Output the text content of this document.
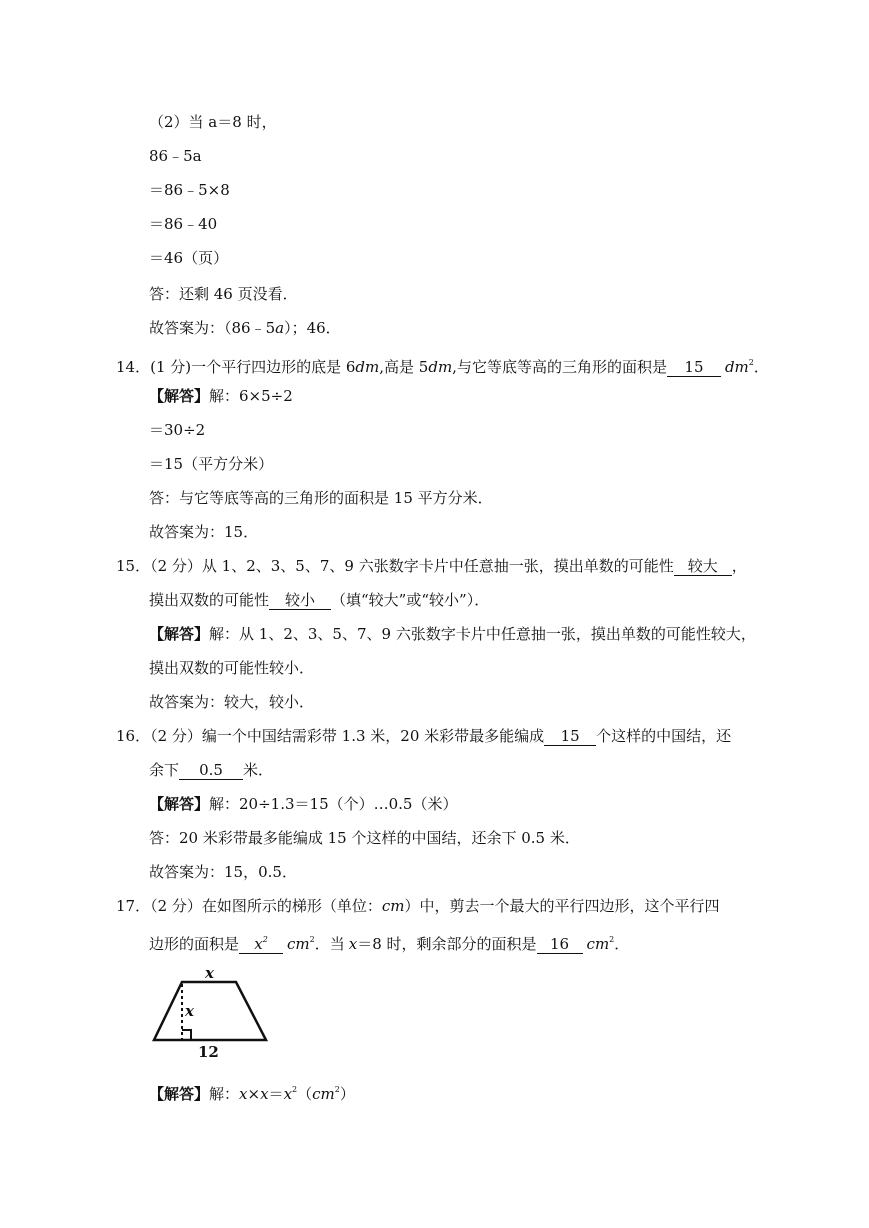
（2）当 a＝8 时，
86﹣5a
＝86﹣5×8
＝86﹣40
＝46（页）
答：还剩 46 页没看．
故答案为：（86﹣5a）；46．
14．(1 分)一个平行四边形的底是 6dm,高是 5dm,与它等底等高的三角形的面积是 15 $dm^2$．
【解答】解：6×5÷2
＝30÷2
＝15（平方分米）
答：与它等底等高的三角形的面积是 15 平方分米．
故答案为：15．
15．（2 分）从 1、2、3、5、7、9 六张数字卡片中任意抽一张，摸出单数的可能性 较大 ，
摸出双数的可能性 较小 （填“较大”或“较小”）．
【解答】解：从 1、2、3、5、7、9 六张数字卡片中任意抽一张，摸出单数的可能性较大，
摸出双数的可能性较小．
故答案为：较大，较小．
16．（2 分）编一个中国结需彩带 1.3 米，20 米彩带最多能编成 15 个这样的中国结，还
余下 0.5 米．
【解答】解：20÷1.3＝15（个）…0.5（米）
答：20 米彩带最多能编成 15 个这样的中国结，还余下 0.5 米．
故答案为：15，0.5．
17．（2 分）在如图所示的梯形（单位：cm）中，剪去一个最大的平行四边形，这个平行四
边形的面积是 $x^2$ $cm^2$．当 x＝8 时，剩余部分的面积是 16 $cm^2$．
x
x
12
【解答】解：$x\times x=x^2(cm^2)$
